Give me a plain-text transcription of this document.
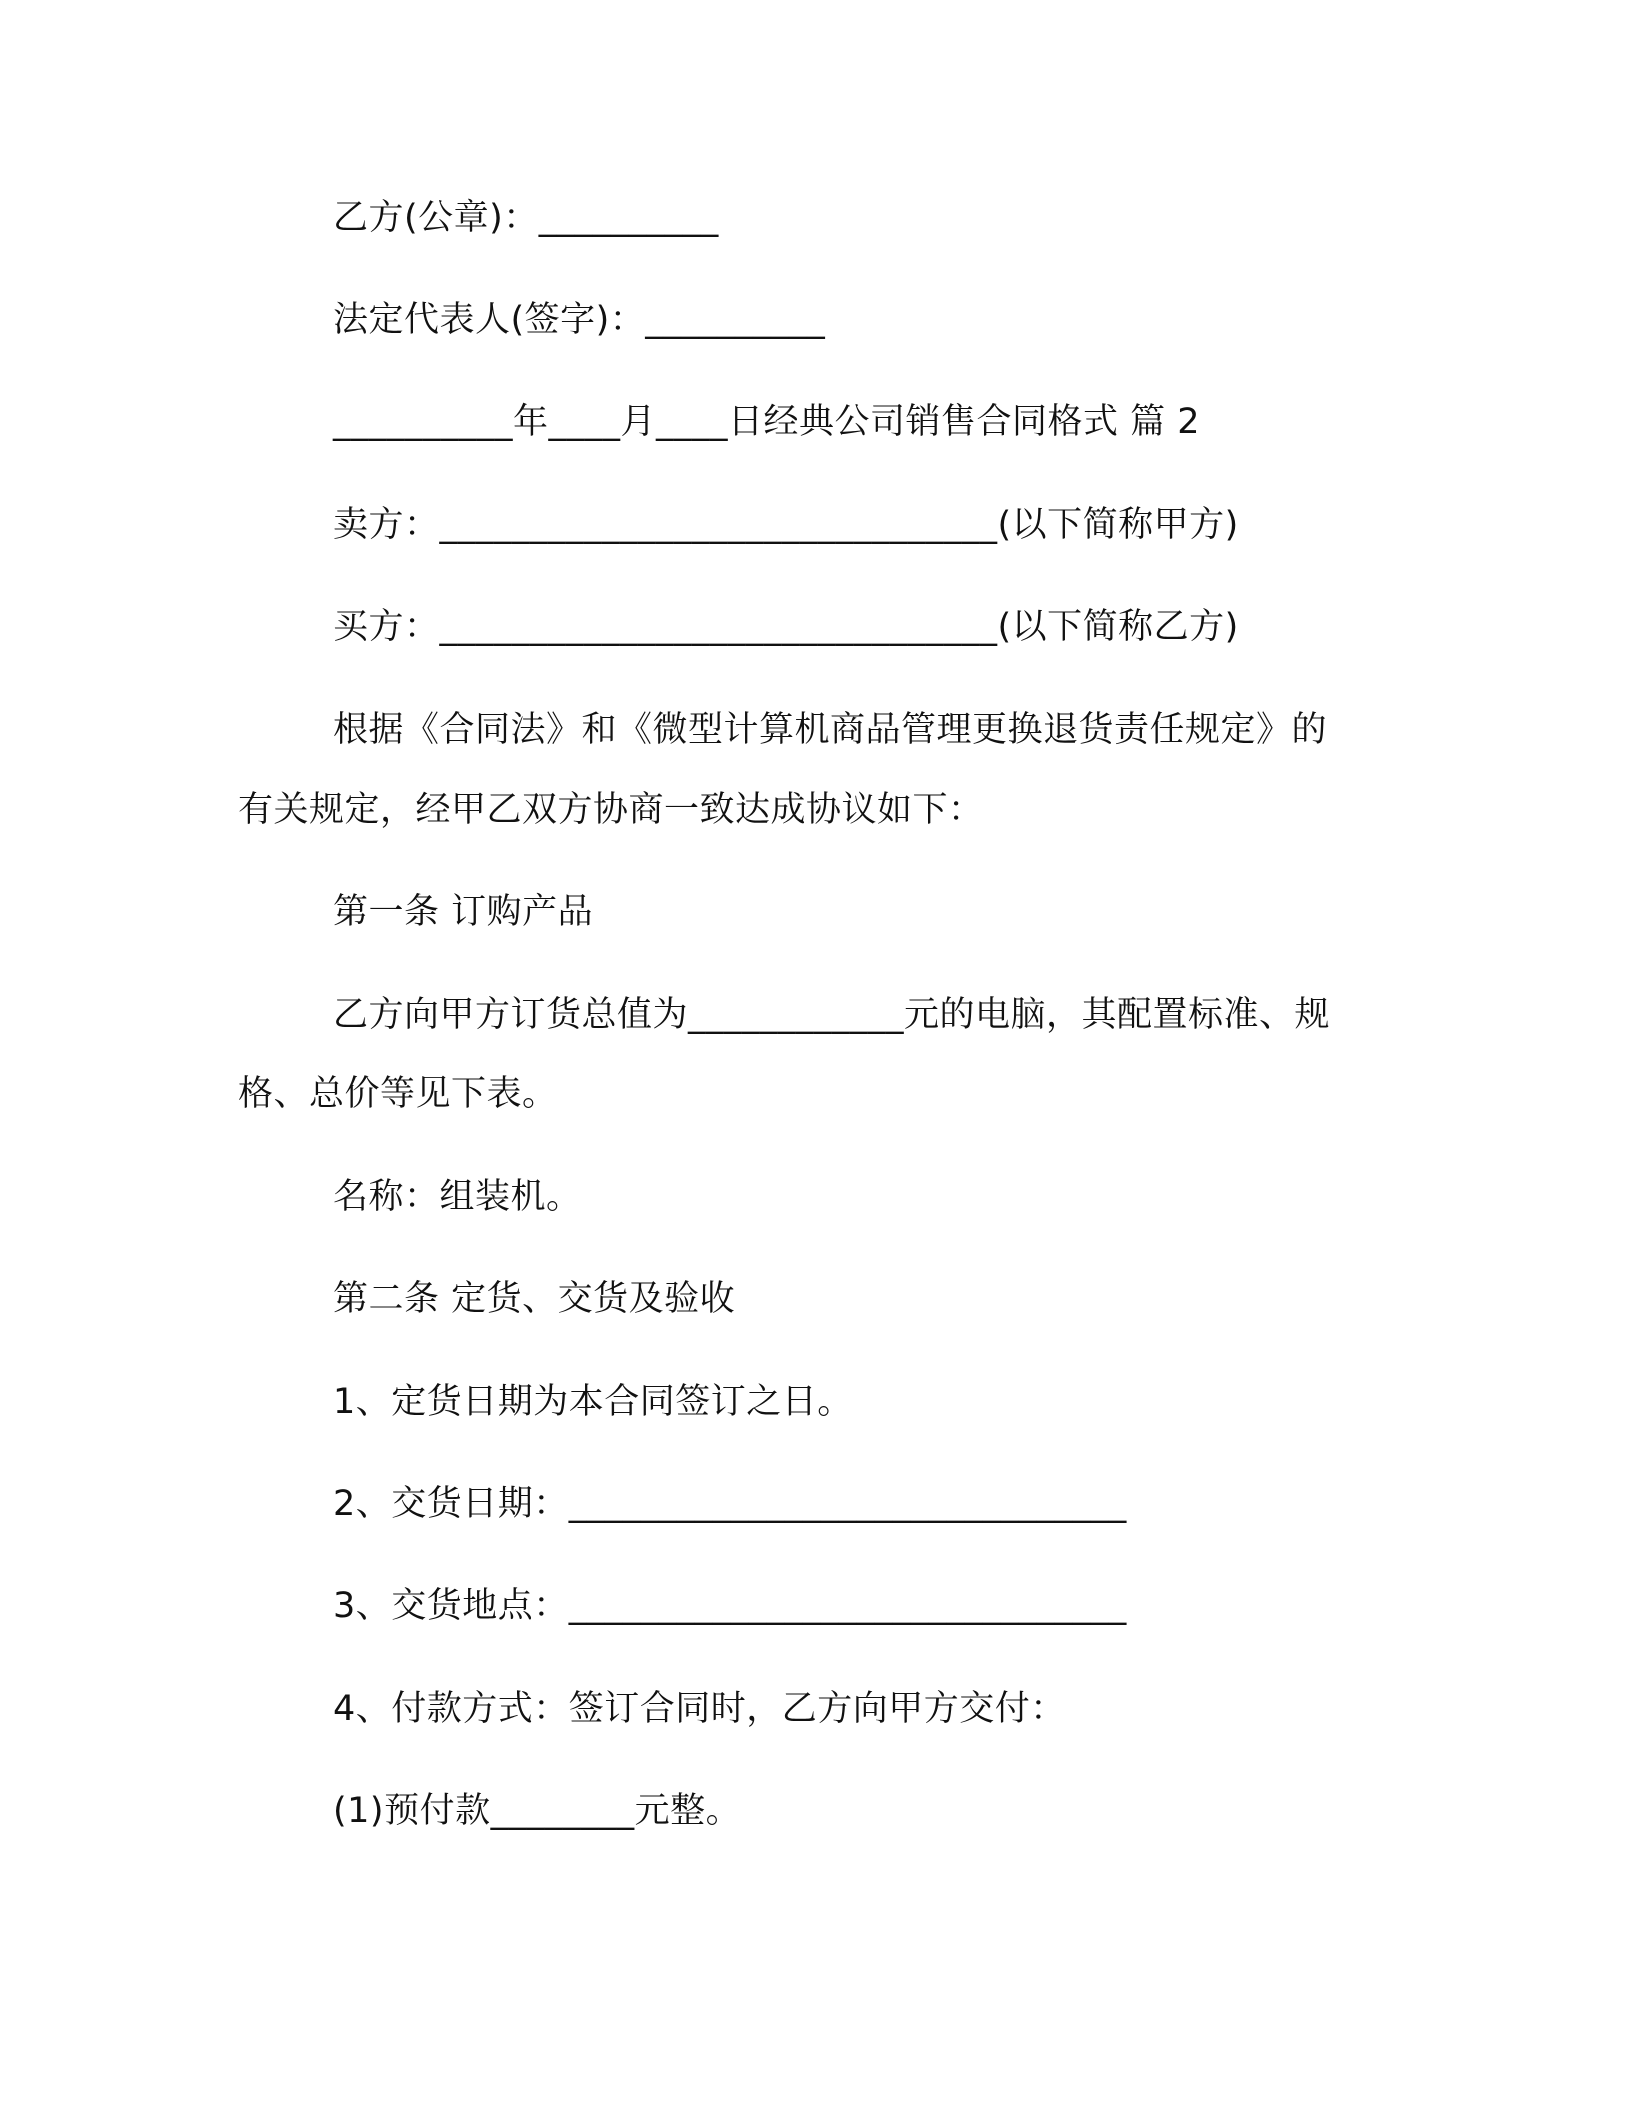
乙方(公章)：__________
法定代表人(签字)：__________
__________年____月____日经典公司销售合同格式 篇 2
卖方：_______________________________(以下简称甲方)
买方：_______________________________(以下简称乙方)
根据《合同法》和《微型计算机商品管理更换退货责任规定》的
有关规定，经甲乙双方协商一致达成协议如下：
第一条 订购产品
乙方向甲方订货总值为____________元的电脑，其配置标准、规
格、总价等见下表。
名称：组装机。
第二条 定货、交货及验收
1、定货日期为本合同签订之日。
2、交货日期：_______________________________
3、交货地点：_______________________________
4、付款方式：签订合同时，乙方向甲方交付：
(1)预付款________元整。
